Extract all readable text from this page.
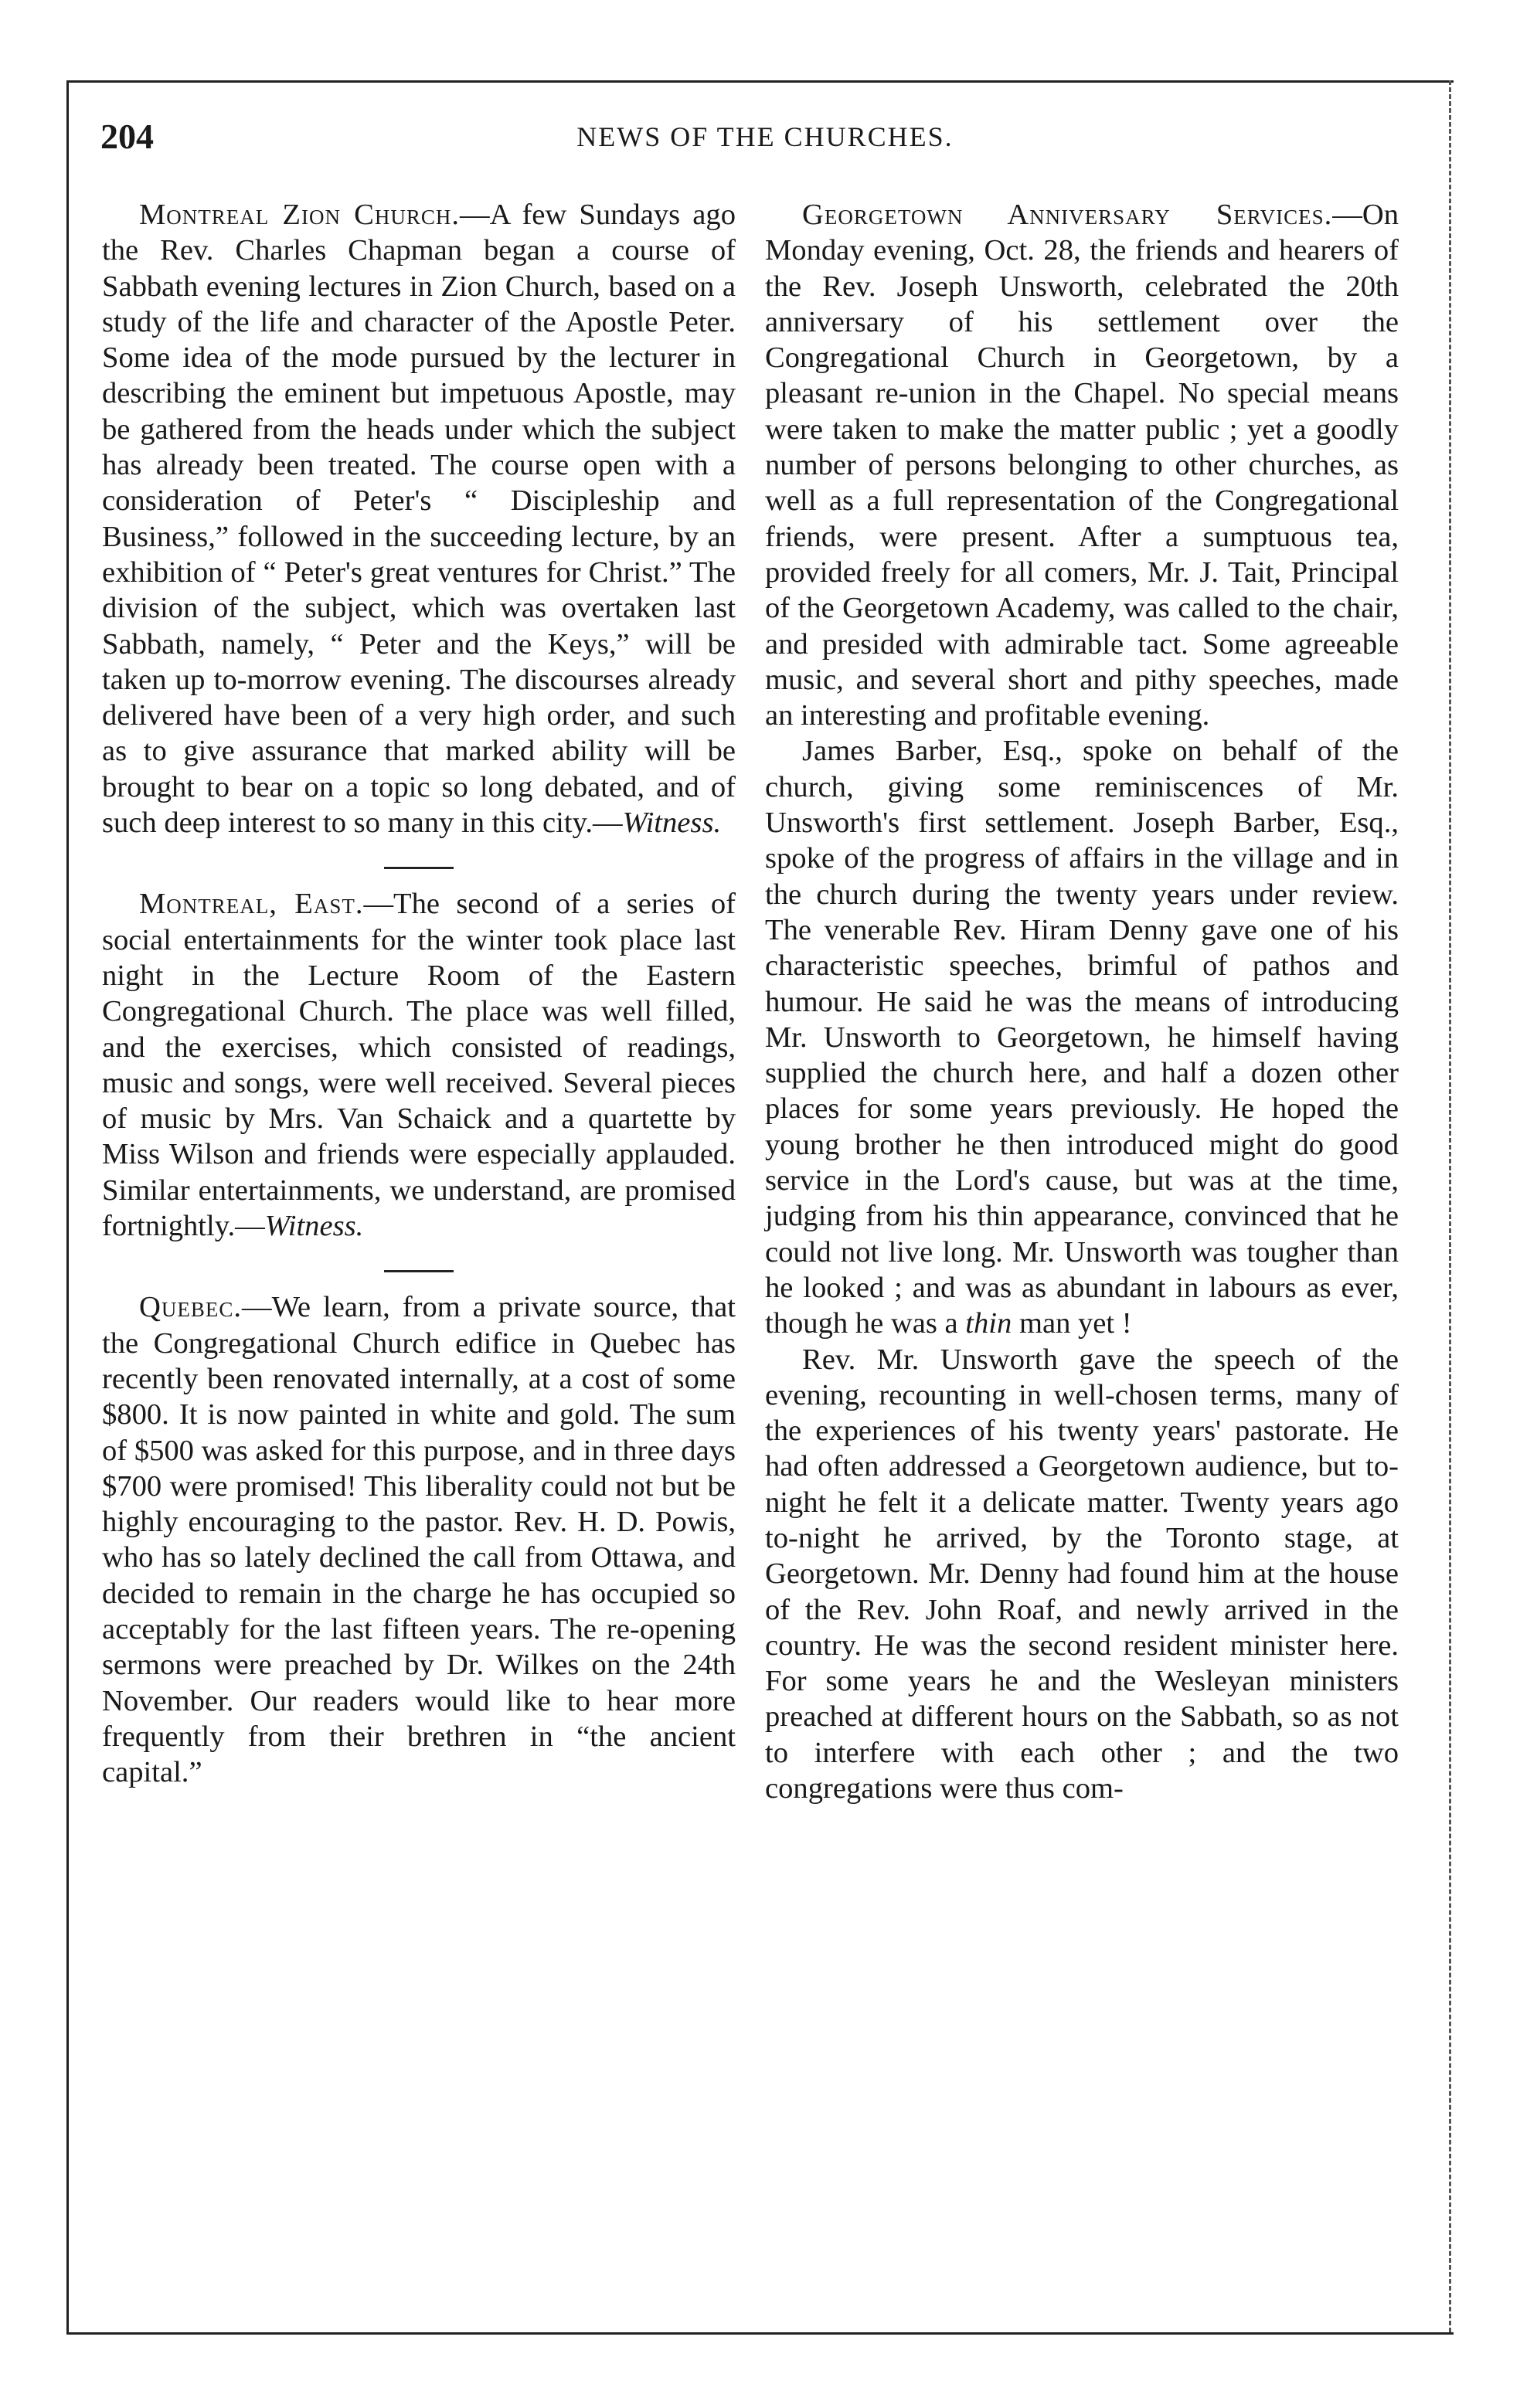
204	NEWS OF THE CHURCHES.

Montreal Zion Church.—A few Sundays ago the Rev. Charles Chapman began a course of Sabbath evening lectures in Zion Church, based on a study of the life and character of the Apostle Peter. Some idea of the mode pursued by the lecturer in describing the eminent but impetuous Apostle, may be gathered from the heads under which the subject has already been treated. The course open with a consideration of Peter's “ Discipleship and Business,” followed in the succeeding lecture, by an exhibition of “ Peter's great ventures for Christ.” The division of the subject, which was overtaken last Sabbath, namely, “ Peter and the Keys,” will be taken up to-morrow evening. The discourses already delivered have been of a very high order, and such as to give assurance that marked ability will be brought to bear on a topic so long debated, and of such deep interest to so many in this city.—Witness.

Montreal, East.—The second of a series of social entertainments for the winter took place last night in the Lecture Room of the Eastern Congregational Church. The place was well filled, and the exercises, which consisted of readings, music and songs, were well received. Several pieces of music by Mrs. Van Schaick and a quartette by Miss Wilson and friends were especially applauded. Similar entertainments, we understand, are promised fortnightly.—Witness.

Quebec.—We learn, from a private source, that the Congregational Church edifice in Quebec has recently been renovated internally, at a cost of some $800. It is now painted in white and gold. The sum of $500 was asked for this purpose, and in three days $700 were promised! This liberality could not but be highly encouraging to the pastor. Rev. H. D. Powis, who has so lately declined the call from Ottawa, and decided to remain in the charge he has occupied so acceptably for the last fifteen years. The re-opening sermons were preached by Dr. Wilkes on the 24th November. Our readers would like to hear more frequently from their brethren in “the ancient capital.”

Georgetown Anniversary Services.—On Monday evening, Oct. 28, the friends and hearers of the Rev. Joseph Unsworth, celebrated the 20th anniversary of his settlement over the Congregational Church in Georgetown, by a pleasant re-union in the Chapel. No special means were taken to make the matter public ; yet a goodly number of persons belonging to other churches, as well as a full representation of the Congregational friends, were present. After a sumptuous tea, provided freely for all comers, Mr. J. Tait, Principal of the Georgetown Academy, was called to the chair, and presided with admirable tact. Some agreeable music, and several short and pithy speeches, made an interesting and profitable evening.

James Barber, Esq., spoke on behalf of the church, giving some reminiscences of Mr. Unsworth's first settlement. Joseph Barber, Esq., spoke of the progress of affairs in the village and in the church during the twenty years under review. The venerable Rev. Hiram Denny gave one of his characteristic speeches, brimful of pathos and humour. He said he was the means of introducing Mr. Unsworth to Georgetown, he himself having supplied the church here, and half a dozen other places for some years previously. He hoped the young brother he then introduced might do good service in the Lord's cause, but was at the time, judging from his thin appearance, convinced that he could not live long. Mr. Unsworth was tougher than he looked ; and was as abundant in labours as ever, though he was a thin man yet !

Rev. Mr. Unsworth gave the speech of the evening, recounting in well-chosen terms, many of the experiences of his twenty years' pastorate. He had often addressed a Georgetown audience, but to-night he felt it a delicate matter. Twenty years ago to-night he arrived, by the Toronto stage, at Georgetown. Mr. Denny had found him at the house of the Rev. John Roaf, and newly arrived in the country. He was the second resident minister here. For some years he and the Wesleyan ministers preached at different hours on the Sabbath, so as not to interfere with each other ; and the two congregations were thus com-
